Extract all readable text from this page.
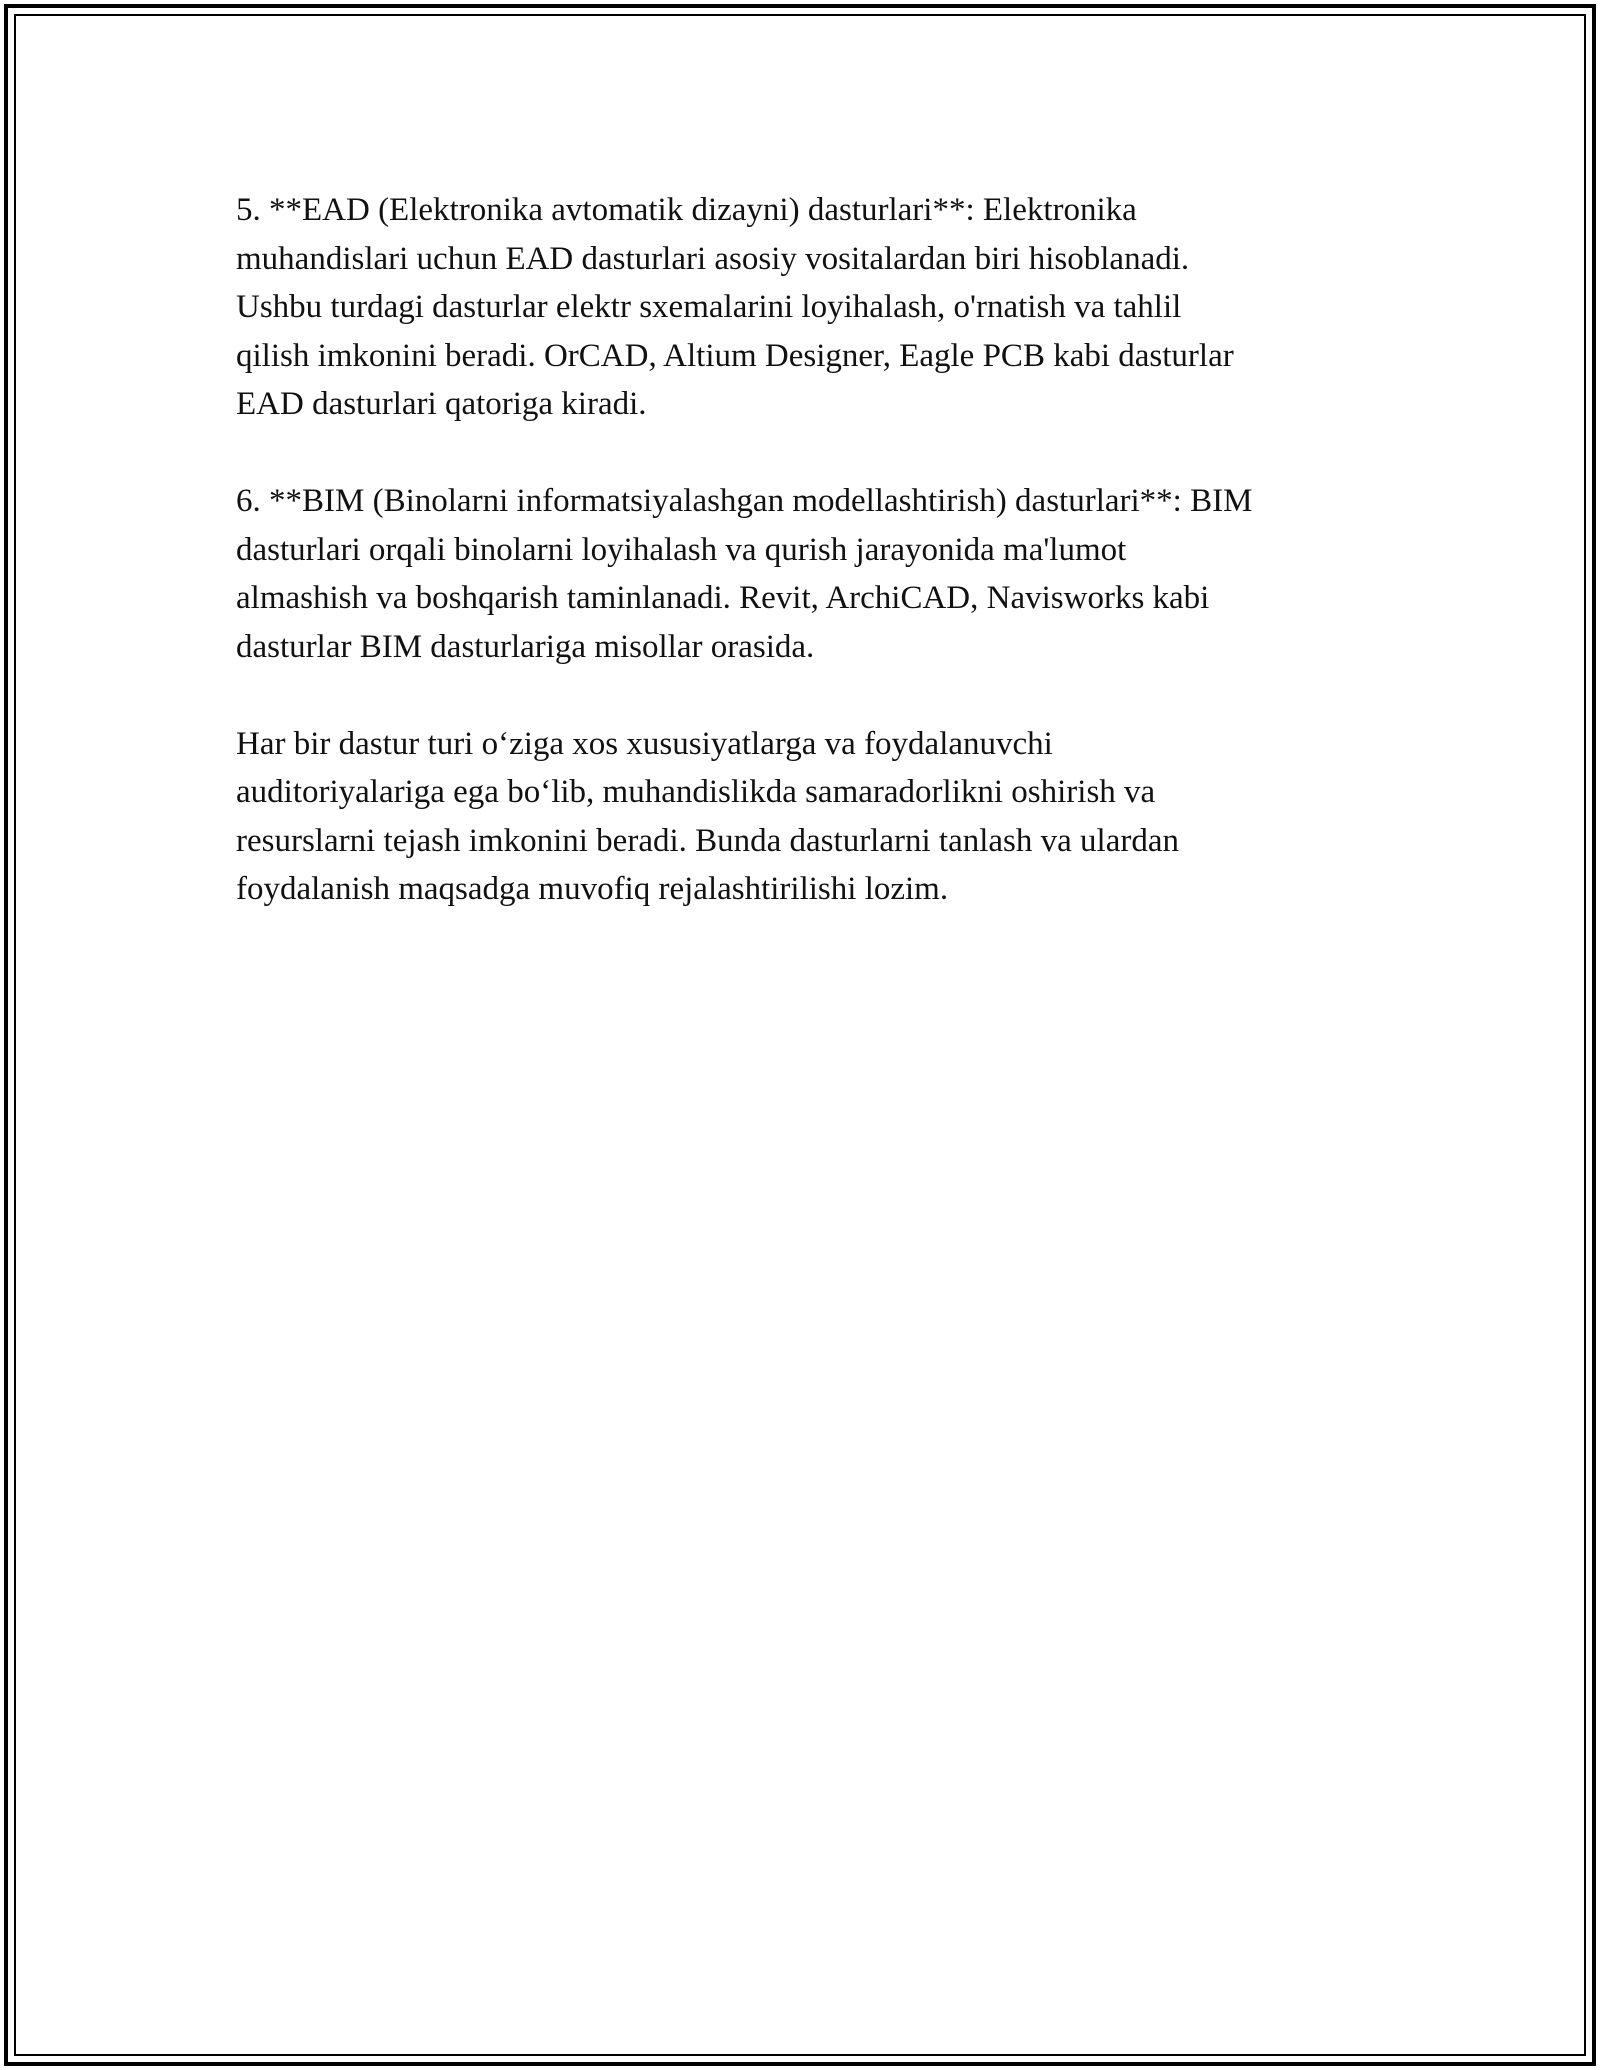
5. **EAD (Elektronika avtomatik dizayni) dasturlari**: Elektronika
muhandislari uchun EAD dasturlari asosiy vositalardan biri hisoblanadi.
Ushbu turdagi dasturlar elektr sxemalarini loyihalash, o'rnatish va tahlil
qilish imkonini beradi. OrCAD, Altium Designer, Eagle PCB kabi dasturlar
EAD dasturlari qatoriga kiradi.

6. **BIM (Binolarni informatsiyalashgan modellashtirish) dasturlari**: BIM
dasturlari orqali binolarni loyihalash va qurish jarayonida ma'lumot
almashish va boshqarish taminlanadi. Revit, ArchiCAD, Navisworks kabi
dasturlar BIM dasturlariga misollar orasida.

Har bir dastur turi o‘ziga xos xususiyatlarga va foydalanuvchi
auditoriyalariga ega bo‘lib, muhandislikda samaradorlikni oshirish va
resurslarni tejash imkonini beradi. Bunda dasturlarni tanlash va ulardan
foydalanish maqsadga muvofiq rejalashtirilishi lozim.
